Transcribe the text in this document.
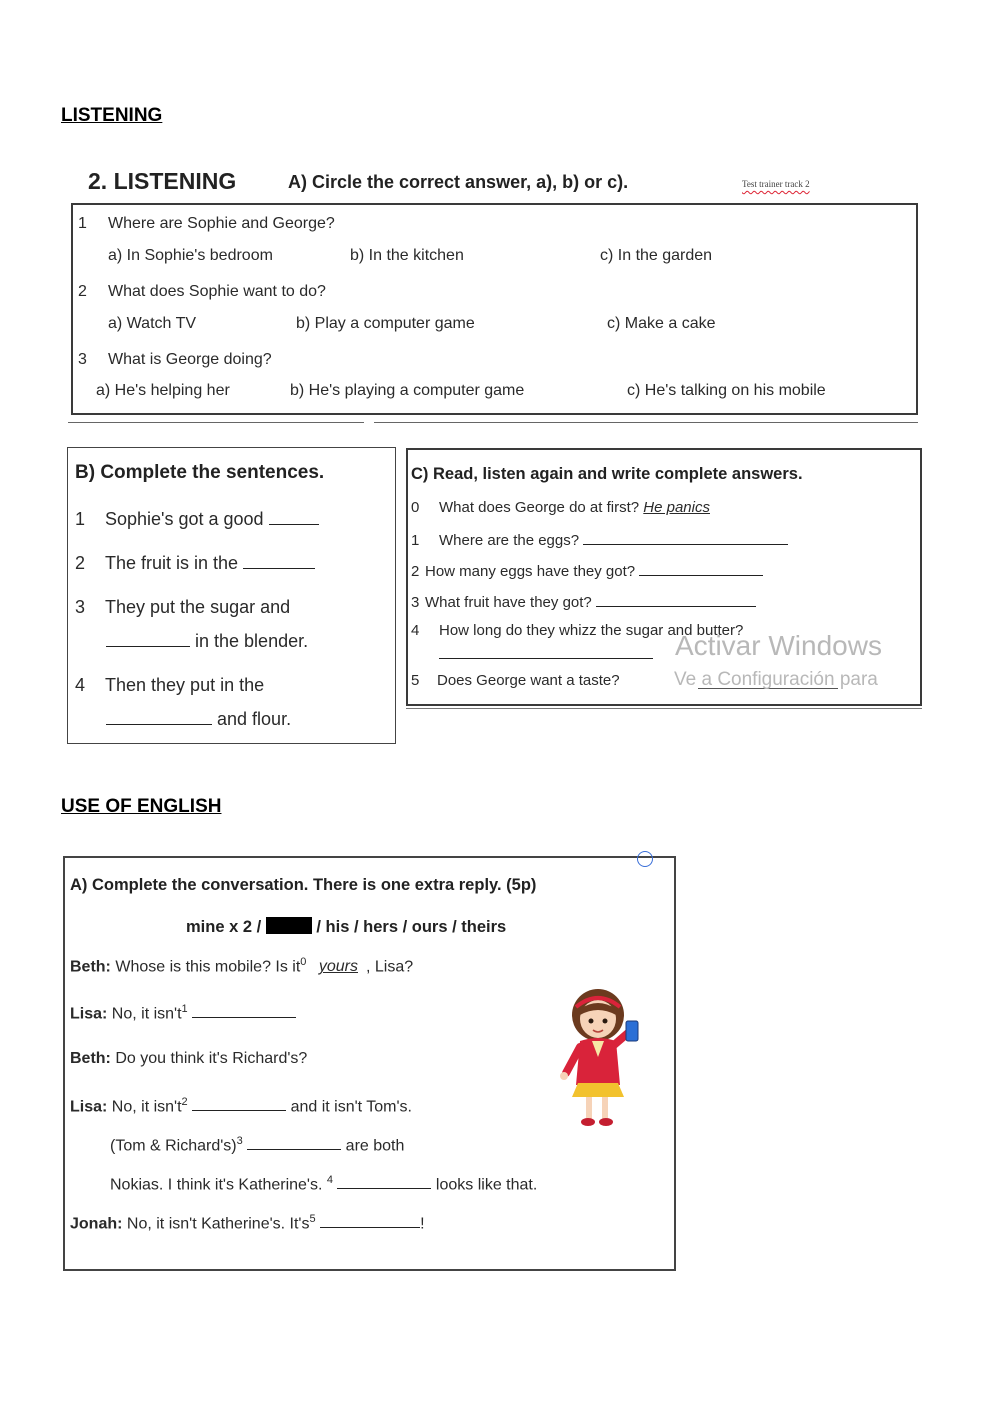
LISTENING
2. LISTENING	A) Circle the correct answer, a), b) or c).	Test trainer track 2
1 Where are Sophie and George?
a) In Sophie's bedroom	b) In the kitchen	c) In the garden
2 What does Sophie want to do?
a) Watch TV	b) Play a computer game	c) Make a cake
3 What is George doing?
a) He's helping her	b) He's playing a computer game	c) He's talking on his mobile
B) Complete the sentences.
1 Sophie's got a good
2 The fruit is in the
3 They put the sugar and
in the blender.
4 Then they put in the
and flour.
C) Read, listen again and write complete answers.
0 What does George do at first? He panics
1 Where are the eggs?
2 How many eggs have they got?
3 What fruit have they got?
4 How long do they whizz the sugar and butter?
5 Does George want a taste?
Activar Windows
Ve a Configuración para
USE OF ENGLISH
A) Complete the conversation. There is one extra reply. (5p)
mine x 2 /	/ his / hers / ours / theirs
Beth: Whose is this mobile? Is $it^0$ yours , Lisa?
Lisa: No, it $isn't^1$
Beth: Do you think it's Richard's?
Lisa: No, it $isn't^2$	and it isn't Tom's.
(Tom & Richard's)$^3$	are both
Nokias. I think it's Katherine's. $^4$	looks like that.
Jonah: No, it isn't Katherine's. $It's^5$	!
